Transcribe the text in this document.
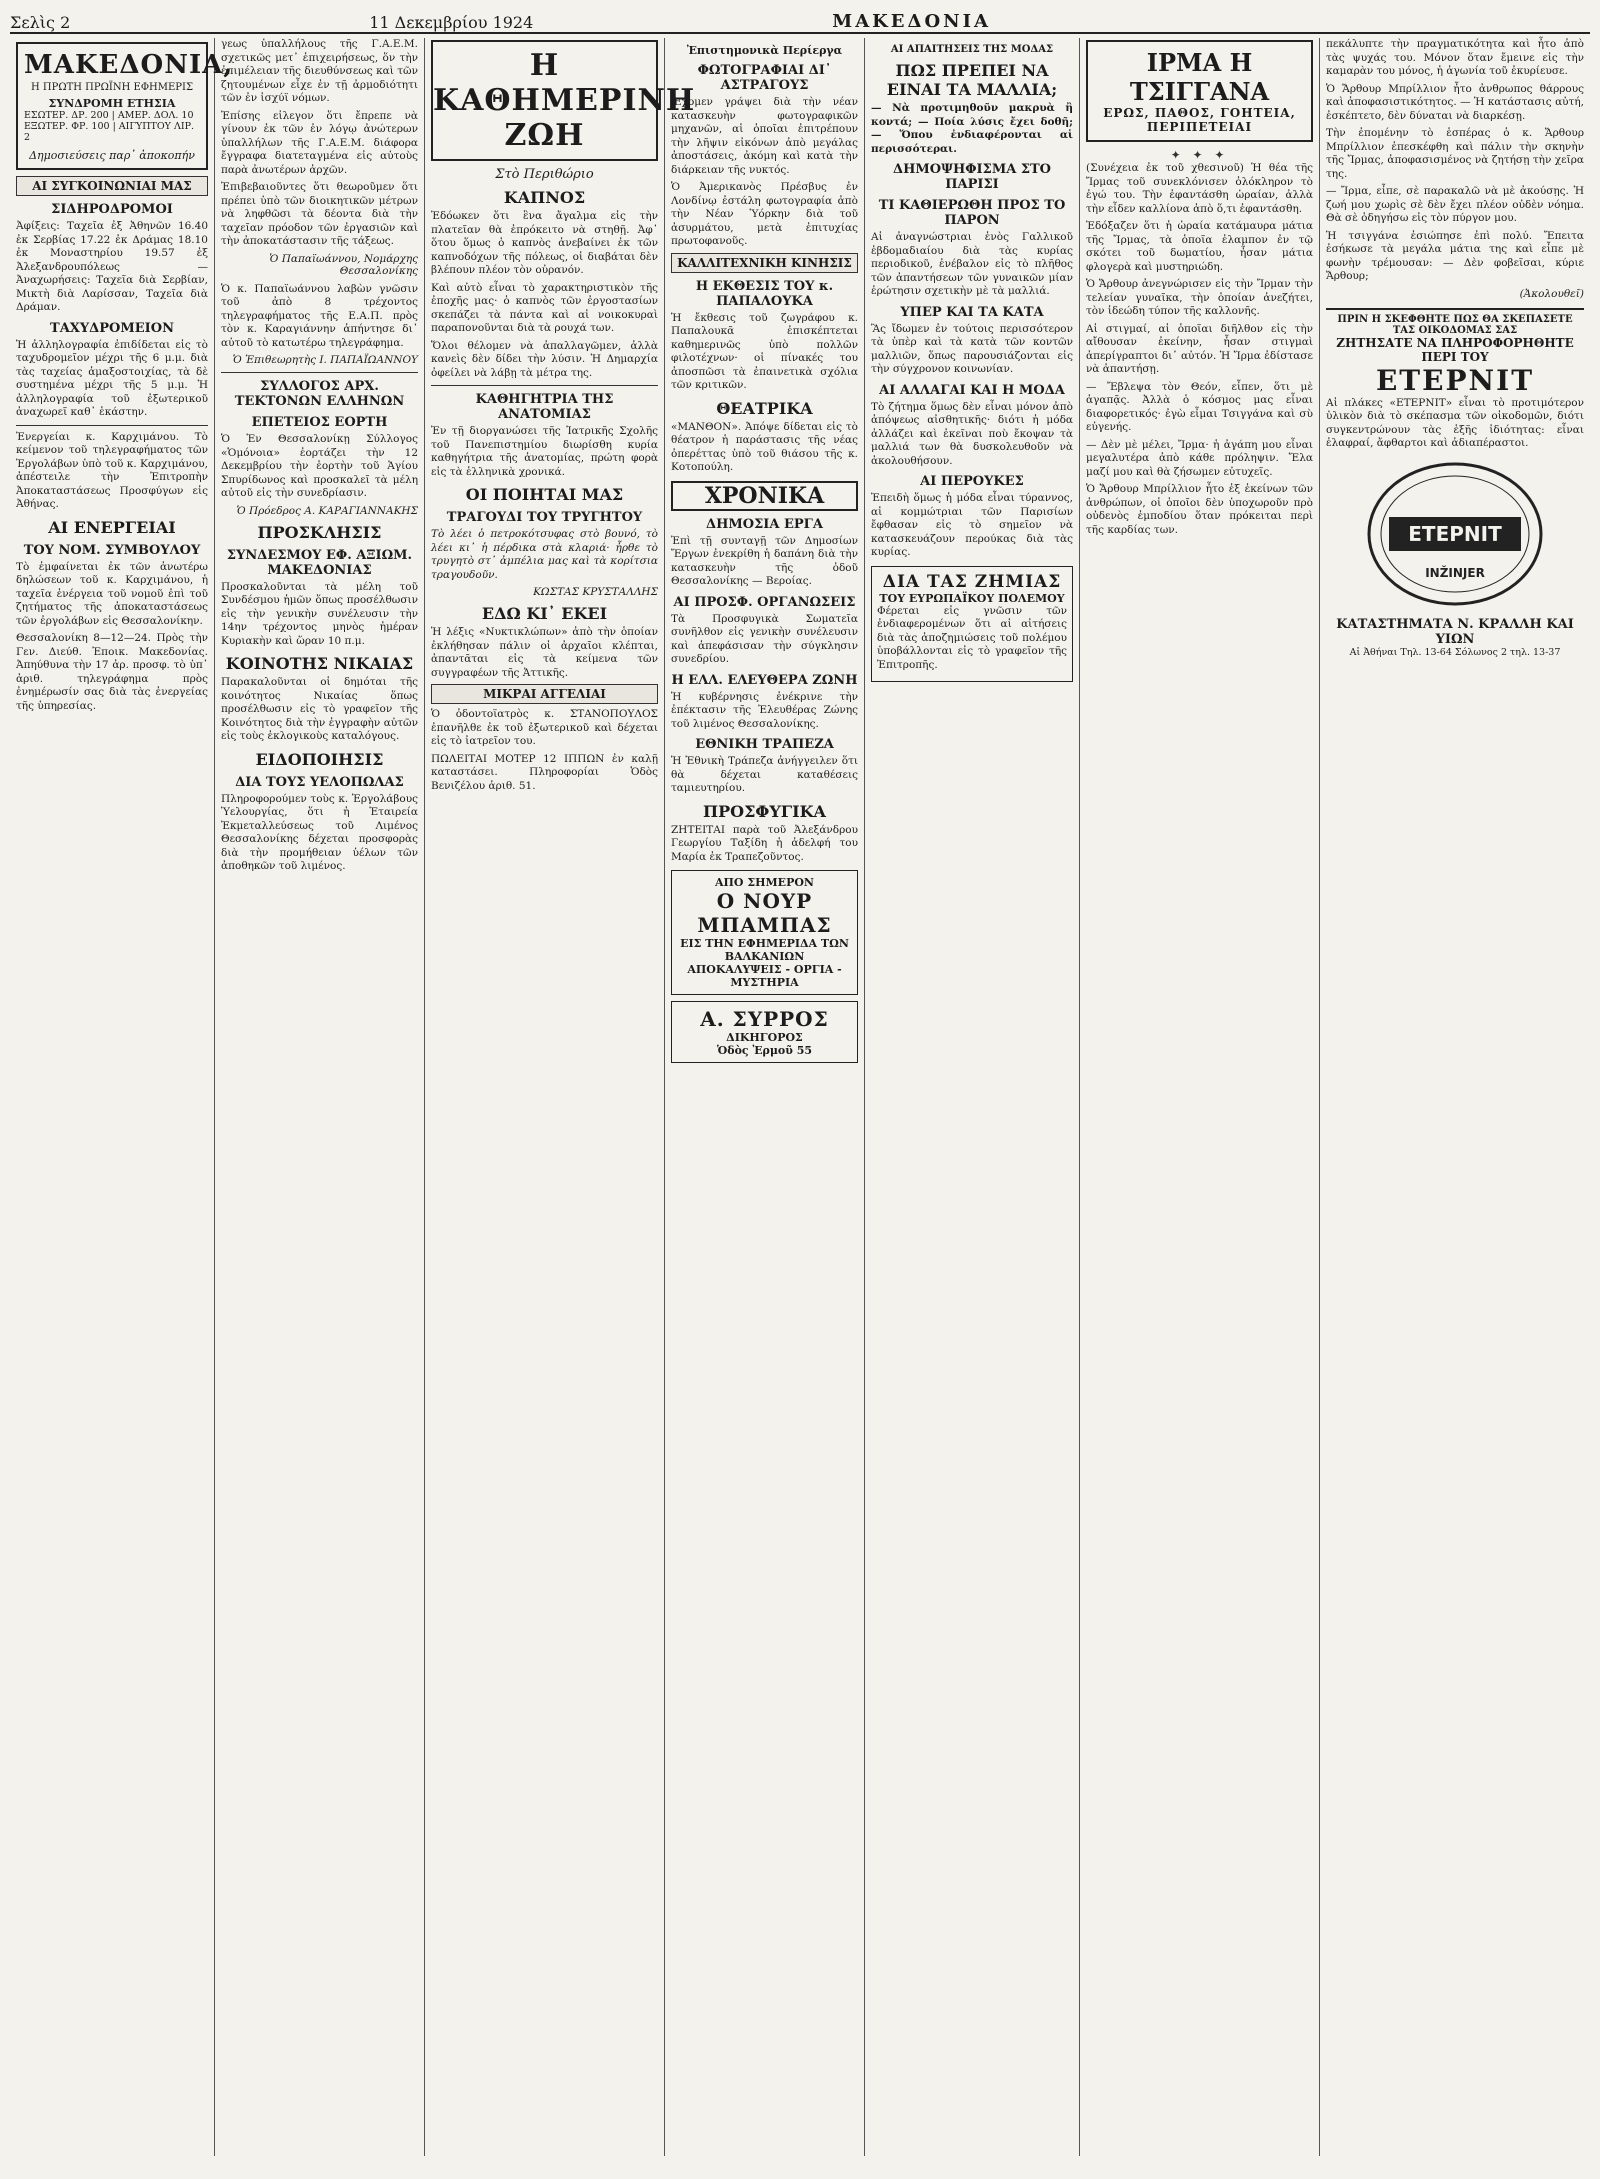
Σελὶς 2	11 Δεκεμβρίου 1924	ΜΑΚΕΔΟΝΙΑ
ΜΑΚΕΔΟΝΙΑ,
Η ΠΡΩΤΗ ΠΡΩΪΝΗ ΕΦΗΜΕΡΙΣ
ΣΥΝΔΡΟΜΗ ΕΤΗΣΙΑ
ΕΣΩΤΕΡ. ΔΡ. 200 | ΑΜΕΡ. ΔΟΛ. 10
ΕΞΩΤΕΡ. ΦΡ. 100 | ΑΙΓΥΠΤΟΥ ΛΙΡ. 2
Δημοσιεύσεις παρ᾽ ἀποκοπήν
ΑΙ ΣΥΓΚΟΙΝΩΝΙΑΙ ΜΑΣ
ΣΙΔΗΡΟΔΡΟΜΟΙ

Ἀφίξεις: Ταχεῖα ἐξ Ἀθηνῶν 16.40 ἐκ Σερβίας 17.22 ἐκ Δράμας 18.10 ἐκ Μοναστηρίου 19.57 ἐξ Ἀλεξανδρουπόλεως — Ἀναχωρήσεις: Ταχεῖα διὰ Σερβίαν, Μικτὴ διὰ Λαρίσσαν, Ταχεῖα διὰ Δράμαν.

ΤΑΧΥΔΡΟΜΕΙΟΝ

Ἡ ἀλληλογραφία ἐπιδίδεται εἰς τὸ ταχυδρομεῖον μέχρι τῆς 6 μ.μ. διὰ τὰς ταχείας ἀμαξοστοιχίας, τὰ δὲ συστημένα μέχρι τῆς 5 μ.μ. Ἡ ἀλληλογραφία τοῦ ἐξωτερικοῦ ἀναχωρεῖ καθ᾽ ἑκάστην.

Ἐνεργείαι κ. Καρχιμάνου. Τὸ κείμενον τοῦ τηλεγραφήματος τῶν Ἐργολάβων ὑπὸ τοῦ κ. Καρχιμάνου, ἀπέστειλε τὴν Ἐπιτροπὴν Ἀποκαταστάσεως Προσφύγων εἰς Ἀθήνας.

ΑΙ ΕΝΕΡΓΕΙΑΙ
ΤΟΥ ΝΟΜ. ΣΥΜΒΟΥΛΟΥ

Τὸ ἐμφαίνεται ἐκ τῶν ἀνωτέρω δηλώσεων τοῦ κ. Καρχιμάνου, ἡ ταχεῖα ἐνέργεια τοῦ νομοῦ ἐπὶ τοῦ ζητήματος τῆς ἀποκαταστάσεως τῶν ἐργολάβων εἰς Θεσσαλονίκην.

Θεσσαλονίκη 8—12—24. Πρὸς τὴν Γεν. Διεύθ. Ἐποικ. Μακεδονίας. Ἀπηύθυνα τὴν 17 ἀρ. προσφ. τὸ ὑπ᾽ ἀριθ. τηλεγράφημα πρὸς ἐνημέρωσίν σας διὰ τὰς ἐνεργείας τῆς ὑπηρεσίας.

γεως ὑπαλλήλους τῆς Γ.Α.Ε.Μ. σχετικῶς μετ᾽ ἐπιχειρήσεως, ὅν τὴν ἐπιμέλειαν τῆς διευθύνσεως καὶ τῶν ζητουμένων εἶχε ἐν τῇ ἀρμοδιότητι τῶν ἐν ἰσχύϊ νόμων.

Ἐπίσης εἰλεγον ὅτι ἔπρεπε νὰ γίνουν ἐκ τῶν ἐν λόγῳ ἀνώτερων ὑπαλλήλων τῆς Γ.Α.Ε.Μ. διάφορα ἔγγραφα διατεταγμένα εἰς αὐτοὺς παρὰ ἀνωτέρων ἀρχῶν.

Ἐπιβεβαιοῦντες ὅτι θεωροῦμεν ὅτι πρέπει ὑπὸ τῶν διοικητικῶν μέτρων νὰ ληφθῶσι τὰ δέοντα διὰ τὴν ταχεῖαν πρόοδον τῶν ἐργασιῶν καὶ τὴν ἀποκατάστασιν τῆς τάξεως.

Ὁ Παπαϊωάννου, Νομάρχης Θεσσαλονίκης

Ὁ κ. Παπαϊωάννου λαβὼν γνῶσιν τοῦ ἀπὸ 8 τρέχοντος τηλεγραφήματος τῆς Ε.Α.Π. πρὸς τὸν κ. Καραγιάννην ἀπήντησε δι᾽ αὐτοῦ τὸ κατωτέρω τηλεγράφημα.

Ὁ Ἐπιθεωρητὴς Ι. ΠΑΠΑΪΩΑΝΝΟΥ
ΣΥΛΛΟΓΟΣ ΑΡΧ. ΤΕΚΤΟΝΩΝ ΕΛΛΗΝΩΝ
ΕΠΕΤΕΙΟΣ ΕΟΡΤΗ

Ὁ Ἐν Θεσσαλονίκῃ Σύλλογος «Ὁμόνοια» ἐορτάζει τὴν 12 Δεκεμβρίου τὴν ἑορτὴν τοῦ Ἁγίου Σπυρίδωνος καὶ προσκαλεῖ τὰ μέλη αὐτοῦ εἰς τὴν συνεδρίασιν.

Ὁ Πρόεδρος Α. ΚΑΡΑΓΙΑΝΝΑΚΗΣ
ΠΡΟΣΚΛΗΣΙΣ
ΣΥΝΔΕΣΜΟΥ ΕΦ. ΑΞΙΩΜ. ΜΑΚΕΔΟΝΙΑΣ

Προσκαλοῦνται τὰ μέλη τοῦ Συνδέσμου ἡμῶν ὅπως προσέλθωσιν εἰς τὴν γενικὴν συνέλευσιν τὴν 14ην τρέχοντος μηνὸς ἡμέραν Κυριακὴν καὶ ὥραν 10 π.μ.

ΚΟΙΝΟΤΗΣ ΝΙΚΑΙΑΣ

Παρακαλοῦνται οἱ δημόται τῆς κοινότητος Νικαίας ὅπως προσέλθωσιν εἰς τὸ γραφεῖον τῆς Κοινότητος διὰ τὴν ἐγγραφὴν αὐτῶν εἰς τοὺς ἐκλογικοὺς καταλόγους.

ΕΙΔΟΠΟΙΗΣΙΣ
ΔΙΑ ΤΟΥΣ ΥΕΛΟΠΩΛΑΣ

Πληροφορούμεν τοὺς κ. Ἐργολάβους Ὑελουργίας, ὅτι ἡ Ἑταιρεία Ἐκμεταλλεύσεως τοῦ Λιμένος Θεσσαλονίκης δέχεται προσφορὰς διὰ τὴν προμήθειαν ὑέλων τῶν ἀποθηκῶν τοῦ λιμένος.

Η ΚΑΘΗΜΕΡΙΝΗ ΖΩΗ
Στὸ Περιθώριο
ΚΑΠΝΟΣ

Ἐδόωκεν ὅτι ἓνα ἄγαλμα εἰς τὴν πλατεῖαν θὰ ἐπρόκειτο νὰ στηθῇ. Ἀφ᾽ ὅτου ὅμως ὁ καπνὸς ἀνεβαίνει ἐκ τῶν καπνοδόχων τῆς πόλεως, οἱ διαβάται δὲν βλέπουν πλέον τὸν οὐρανόν.

Καὶ αὐτὸ εἶναι τὸ χαρακτηριστικὸν τῆς ἐποχῆς μας· ὁ καπνὸς τῶν ἐργοστασίων σκεπάζει τὰ πάντα καὶ αἱ νοικοκυραὶ παραπονοῦνται διὰ τὰ ρουχά των.

Ὅλοι θέλομεν νὰ ἀπαλλαγῶμεν, ἀλλὰ κανεὶς δὲν δίδει τὴν λύσιν. Ἡ Δημαρχία ὀφείλει νὰ λάβῃ τὰ μέτρα της.

ΚΑΘΗΓΗΤΡΙΑ ΤΗΣ ΑΝΑΤΟΜΙΑΣ

Ἐν τῇ διοργανώσει τῆς Ἰατρικῆς Σχολῆς τοῦ Πανεπιστημίου διωρίσθη κυρία καθηγήτρια τῆς ἀνατομίας, πρώτη φορὰ εἰς τὰ ἑλληνικὰ χρονικά.

ΟΙ ΠΟΙΗΤΑΙ ΜΑΣ
ΤΡΑΓΟΥΔΙ ΤΟΥ ΤΡΥΓΗΤΟΥ

Τὸ λέει ὁ πετροκότσυφας στὸ βουνό, τὸ λέει κι᾽ ἡ πέρδικα στὰ κλαριά· ἦρθε τὸ τρυγητὸ στ᾽ ἀμπέλια μας καὶ τὰ κορίτσια τραγουδοῦν.

ΚΩΣΤΑΣ ΚΡΥΣΤΑΛΛΗΣ
ΕΔΩ ΚΙ᾽ ΕΚΕΙ

Ἡ λέξις «Νυκτικλώπων» ἀπὸ τὴν ὁποίαν ἐκλήθησαν πάλιν οἱ ἀρχαῖοι κλέπται, ἀπαντᾶται εἰς τὰ κείμενα τῶν συγγραφέων τῆς Ἀττικῆς.

ΜΙΚΡΑΙ ΑΓΓΕΛΙΑΙ

Ὁ ὀδοντοϊατρὸς κ. ΣΤΑΝΟΠΟΥΛΟΣ ἐπανῆλθε ἐκ τοῦ ἐξωτερικοῦ καὶ δέχεται εἰς τὸ ἰατρεῖον του.

ΠΩΛΕΙΤΑΙ ΜΟΤΕΡ 12 ΙΠΠΩΝ ἐν καλῇ καταστάσει. Πληροφορίαι Ὁδὸς Βενιζέλου ἀριθ. 51.

Ἐπιστημονικὰ Περίεργα
ΦΩΤΟΓΡΑΦΙΑΙ ΔΙ᾽ ΑΣΤΡΑΓΟΥΣ

Ἔχομεν γράψει διὰ τὴν νέαν κατασκευὴν φωτογραφικῶν μηχανῶν, αἱ ὁποῖαι ἐπιτρέπουν τὴν λῆψιν εἰκόνων ἀπὸ μεγάλας ἀποστάσεις, ἀκόμη καὶ κατὰ τὴν διάρκειαν τῆς νυκτός.

Ὁ Ἀμερικανὸς Πρέσβυς ἐν Λονδίνῳ ἐστάλη φωτογραφία ἀπὸ τὴν Νέαν Ὑόρκην διὰ τοῦ ἀσυρμάτου, μετὰ ἐπιτυχίας πρωτοφανοῦς.

ΚΑΛΛΙΤΕΧΝΙΚΗ ΚΙΝΗΣΙΣ
Η ΕΚΘΕΣΙΣ ΤΟΥ κ. ΠΑΠΑΛΟΥΚΑ

Ἡ ἔκθεσις τοῦ ζωγράφου κ. Παπαλουκᾶ ἐπισκέπτεται καθημερινῶς ὑπὸ πολλῶν φιλοτέχνων· οἱ πίνακές του ἀποσπῶσι τὰ ἐπαινετικὰ σχόλια τῶν κριτικῶν.

ΘΕΑΤΡΙΚΑ

«ΜΑΝΘΟΝ». Ἀπόψε δίδεται εἰς τὸ θέατρον ἡ παράστασις τῆς νέας ὀπερέττας ὑπὸ τοῦ θιάσου τῆς κ. Κοτοπούλη.

ΧΡΟΝΙΚΑ
ΔΗΜΟΣΙΑ ΕΡΓΑ

Ἐπὶ τῇ συνταγῇ τῶν Δημοσίων Ἔργων ἐνεκρίθη ἡ δαπάνη διὰ τὴν κατασκευὴν τῆς ὁδοῦ Θεσσαλονίκης — Βεροίας.

ΑΙ ΠΡΟΣΦ. ΟΡΓΑΝΩΣΕΙΣ

Τὰ Προσφυγικὰ Σωματεῖα συνῆλθον εἰς γενικὴν συνέλευσιν καὶ ἀπεφάσισαν τὴν σύγκλησιν συνεδρίου.

Η ΕΛΛ. ΕΛΕΥΘΕΡΑ ΖΩΝΗ

Ἡ κυβέρνησις ἐνέκρινε τὴν ἐπέκτασιν τῆς Ἐλευθέρας Ζώνης τοῦ λιμένος Θεσσαλονίκης.

ΕΘΝΙΚΗ ΤΡΑΠΕΖΑ

Ἡ Ἐθνικὴ Τράπεζα ἀνήγγειλεν ὅτι θὰ δέχεται καταθέσεις ταμιευτηρίου.

ΠΡΟΣΦΥΓΙΚΑ

ΖΗΤΕΙΤΑΙ παρὰ τοῦ Ἀλεξάνδρου Γεωργίου Ταξίδη ἡ ἀδελφή του Μαρία ἐκ Τραπεζοῦντος.

ΑΠΟ ΣΗΜΕΡΟΝ
Ο ΝΟΥΡ ΜΠΑΜΠΑΣ
ΕΙΣ ΤΗΝ ΕΦΗΜΕΡΙΔΑ ΤΩΝ ΒΑΛΚΑΝΙΩΝ ΑΠΟΚΑΛΥΨΕΙΣ - ΟΡΓΙΑ - ΜΥΣΤΗΡΙΑ
Α. ΣΥΡΡΟΣ
ΔΙΚΗΓΟΡΟΣ
Ὁδὸς Ἐρμοῦ 55
ΑΙ ΑΠΑΙΤΗΣΕΙΣ ΤΗΣ ΜΟΔΑΣ
ΠΩΣ ΠΡΕΠΕΙ ΝΑ ΕΙΝΑΙ ΤΑ ΜΑΛΛΙΑ;

— Νὰ προτιμηθοῦν μακρυὰ ἢ κοντά; — Ποία λύσις ἔχει δοθῆ; — Ὅπου ἐνδιαφέρονται αἱ περισσότεραι.

ΔΗΜΟΨΗΦΙΣΜΑ ΣΤΟ ΠΑΡΙΣΙ
ΤΙ ΚΑΘΙΕΡΩΘΗ ΠΡΟΣ ΤΟ ΠΑΡΟΝ

Αἱ ἀναγνώστριαι ἑνὸς Γαλλικοῦ ἑβδομαδιαίου διὰ τὰς κυρίας περιοδικοῦ, ἐνέβαλον εἰς τὸ πλῆθος τῶν ἀπαντήσεων τῶν γυναικῶν μίαν ἐρώτησιν σχετικὴν μὲ τὰ μαλλιά.

ΥΠΕΡ ΚΑΙ ΤΑ ΚΑΤΑ

Ἂς ἴδωμεν ἐν τούτοις περισσότερον τὰ ὑπὲρ καὶ τὰ κατὰ τῶν κοντῶν μαλλιῶν, ὅπως παρουσιάζονται εἰς τὴν σύγχρονον κοινωνίαν.

ΑΙ ΑΛΛΑΓΑΙ ΚΑΙ Η ΜΟΔΑ

Τὸ ζήτημα ὅμως δὲν εἶναι μόνον ἀπὸ ἀπόψεως αἰσθητικῆς· διότι ἡ μόδα ἀλλάζει καὶ ἐκεῖναι ποὺ ἔκοψαν τὰ μαλλιά των θὰ δυσκολευθοῦν νὰ ἀκολουθήσουν.

ΑΙ ΠΕΡΟΥΚΕΣ

Ἐπειδὴ ὅμως ἡ μόδα εἶναι τύραννος, αἱ κομμώτριαι τῶν Παρισίων ἔφθασαν εἰς τὸ σημεῖον νὰ κατασκευάζουν περούκας διὰ τὰς κυρίας.

ΔΙΑ ΤΑΣ ΖΗΜΙΑΣ
ΤΟΥ ΕΥΡΩΠΑΪΚΟΥ ΠΟΛΕΜΟΥ

Φέρεται εἰς γνῶσιν τῶν ἐνδιαφερομένων ὅτι αἱ αἰτήσεις διὰ τὰς ἀποζημιώσεις τοῦ πολέμου ὑποβάλλονται εἰς τὸ γραφεῖον τῆς Ἐπιτροπῆς.

ΙΡΜΑ Η ΤΣΙΓΓΑΝΑ
ΕΡΩΣ, ΠΑΘΟΣ, ΓΟΗΤΕΙΑ, ΠΕΡΙΠΕΤΕΙΑΙ
✦ ✦ ✦

(Συνέχεια ἐκ τοῦ χθεσινοῦ) Ἡ θέα τῆς Ἴρμας τοῦ συνεκλόνισεν ὁλόκληρον τὸ ἐγώ του. Τὴν ἐφαντάσθη ὡραίαν, ἀλλὰ τὴν εἶδεν καλλίονα ἀπὸ ὅ,τι ἐφαντάσθη.

Ἐδόξαζεν ὅτι ἡ ὡραία κατάμαυρα μάτια τῆς Ἴρμας, τὰ ὁποῖα ἐλαμπον ἐν τῷ σκότει τοῦ δωματίου, ἦσαν μάτια φλογερὰ καὶ μυστηριώδη.

Ὁ Ἄρθουρ ἀνεγνώρισεν εἰς τὴν Ἴρμαν τὴν τελείαν γυναῖκα, τὴν ὁποίαν ἀνεζήτει, τὸν ἰδεώδη τύπον τῆς καλλονῆς.

Αἱ στιγμαί, αἱ ὁποῖαι διῆλθον εἰς τὴν αἴθουσαν ἐκείνην, ἦσαν στιγμαὶ ἀπερίγραπτοι δι᾽ αὐτόν. Ἡ Ἴρμα ἐδίστασε νὰ ἀπαντήσῃ.

— Ἔβλεψα τὸν Θεόν, εἶπεν, ὅτι μὲ ἀγαπᾷς. Ἀλλὰ ὁ κόσμος μας εἶναι διαφορετικός· ἐγὼ εἶμαι Τσιγγάνα καὶ σὺ εὐγενής.

— Δὲν μὲ μέλει, Ἴρμα· ἡ ἀγάπη μου εἶναι μεγαλυτέρα ἀπὸ κάθε πρόληψιν. Ἔλα μαζί μου καὶ θὰ ζήσωμεν εὐτυχεῖς.

Ὁ Ἄρθουρ Μπρίλλιον ἦτο ἐξ ἐκείνων τῶν ἀνθρώπων, οἱ ὁποῖοι δὲν ὑποχωροῦν πρὸ οὐδενὸς ἐμποδίου ὅταν πρόκειται περὶ τῆς καρδίας των.

πεκάλυπτε τὴν πραγματικότητα καὶ ἦτο ἀπὸ τὰς ψυχάς του. Μόνον ὅταν ἔμεινε εἰς τὴν καμαρὰν του μόνος, ἡ ἀγωνία τοῦ ἐκυρίευσε.

Ὁ Ἄρθουρ Μπρίλλιον ἦτο ἀνθρωπος θάρρους καὶ ἀποφασιστικότητος. — Ἡ κατάστασις αὐτή, ἐσκέπτετο, δὲν δύναται νὰ διαρκέσῃ.

Τὴν ἐπομένην τὸ ἑσπέρας ὁ κ. Ἄρθουρ Μπρίλλιον ἐπεσκέφθη καὶ πάλιν τὴν σκηνὴν τῆς Ἴρμας, ἀποφασισμένος νὰ ζητήσῃ τὴν χεῖρα της.

— Ἴρμα, εἶπε, σὲ παρακαλῶ νὰ μὲ ἀκούσῃς. Ἡ ζωή μου χωρὶς σὲ δὲν ἔχει πλέον οὐδὲν νόημα. Θὰ σὲ ὁδηγήσω εἰς τὸν πύργον μου.

Ἡ τσιγγάνα ἐσιώπησε ἐπὶ πολύ. Ἔπειτα ἐσήκωσε τὰ μεγάλα μάτια της καὶ εἶπε μὲ φωνὴν τρέμουσαν: — Δὲν φοβεῖσαι, κύριε Ἄρθουρ;

(Ἀκολουθεῖ)
ΠΡΙΝ Η ΣΚΕΦΘΗΤΕ ΠΩΣ ΘΑ ΣΚΕΠΑΣΕΤΕ ΤΑΣ ΟΙΚΟΔΟΜΑΣ ΣΑΣ
ΖΗΤΗΣΑΤΕ ΝΑ ΠΛΗΡΟΦΟΡΗΘΗΤΕ ΠΕΡΙ ΤΟΥ
ΕΤΕΡΝΙΤ

Αἱ πλάκες «ΕΤΕΡΝΙΤ» εἶναι τὸ προτιμότερον ὑλικὸν διὰ τὸ σκέπασμα τῶν οἰκοδομῶν, διότι συγκεντρώνουν τὰς ἑξῆς ἰδιότητας: εἶναι ἐλαφραί, ἄφθαρτοι καὶ ἀδιαπέραστοι.

ΕΤΕΡΝΙΤ
INŽINJER
ΚΑΤΑΣΤΗΜΑΤΑ Ν. ΚΡΑΛΛΗ ΚΑΙ ΥΙΩΝ
Αἱ Ἀθήναι Τηλ. 13-64 Σόλωνος 2 τηλ. 13-37
